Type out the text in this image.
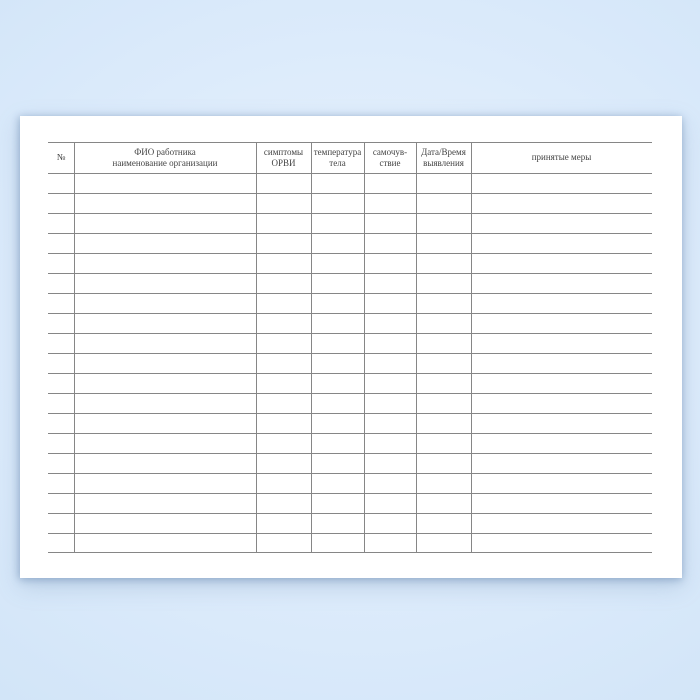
№
ФИО работника
наименование организации
симптомы
ОРВИ
температура
тела
самочув-
ствие
Дата/Время
выявления
принятые меры
